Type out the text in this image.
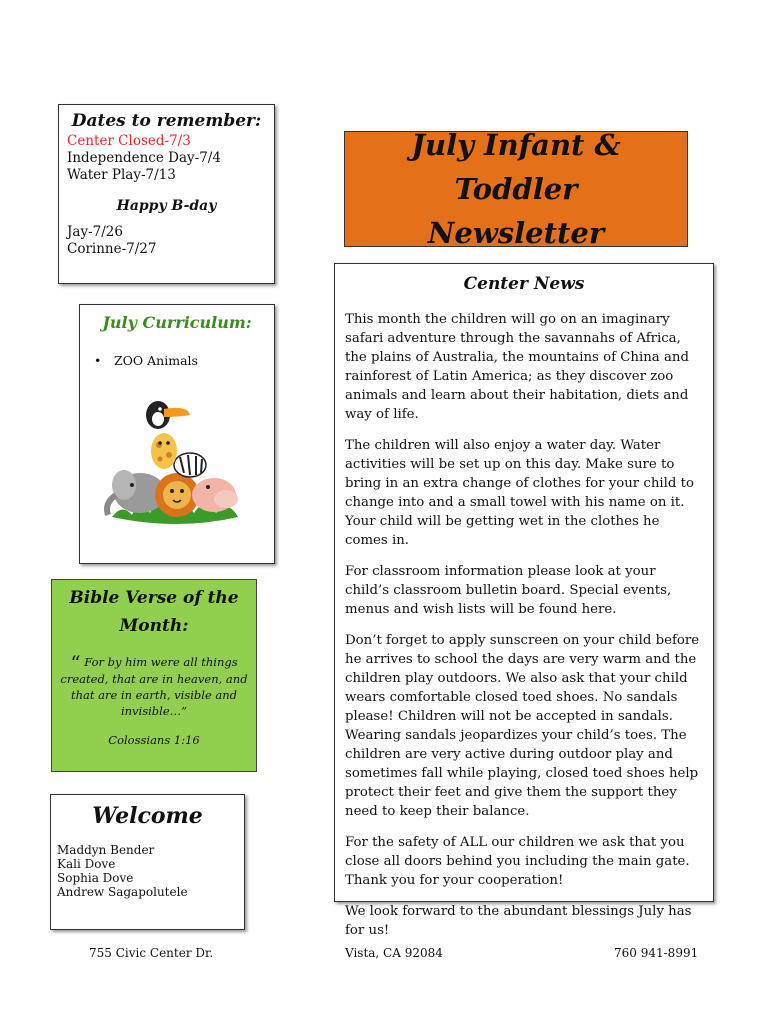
Dates to remember:
Center Closed-7/3
Independence Day-7/4
Water Play-7/13
Happy B-day
Jay-7/26
Corinne-7/27
July Infant & Toddler
Newsletter
July Curriculum:
• ZOO Animals
Bible Verse of the
Month:
“ For by him were all things created, that are in heaven, and that are in earth, visible and invisible…”
Colossians 1:16
Welcome
Maddyn Bender
Kali Dove
Sophia Dove
Andrew Sagapolutele
Center News

This month the children will go on an imaginary safari adventure through the savannahs of Africa, the plains of Australia, the mountains of China and rainforest of Latin America; as they discover zoo animals and learn about their habitation, diets and way of life.

The children will also enjoy a water day. Water activities will be set up on this day. Make sure to bring in an extra change of clothes for your child to change into and a small towel with his name on it. Your child will be getting wet in the clothes he comes in.

For classroom information please look at your child’s classroom bulletin board. Special events, menus and wish lists will be found here.

Don’t forget to apply sunscreen on your child before he arrives to school the days are very warm and the children play outdoors. We also ask that your child wears comfortable closed toed shoes. No sandals please! Children will not be accepted in sandals. Wearing sandals jeopardizes your child’s toes. The children are very active during outdoor play and sometimes fall while playing, closed toed shoes help protect their feet and give them the support they need to keep their balance.

For the safety of ALL our children we ask that you close all doors behind you including the main gate. Thank you for your cooperation!

We look forward to the abundant blessings July has for us!

755 Civic Center Dr.	Vista, CA 92084	760 941-8991
